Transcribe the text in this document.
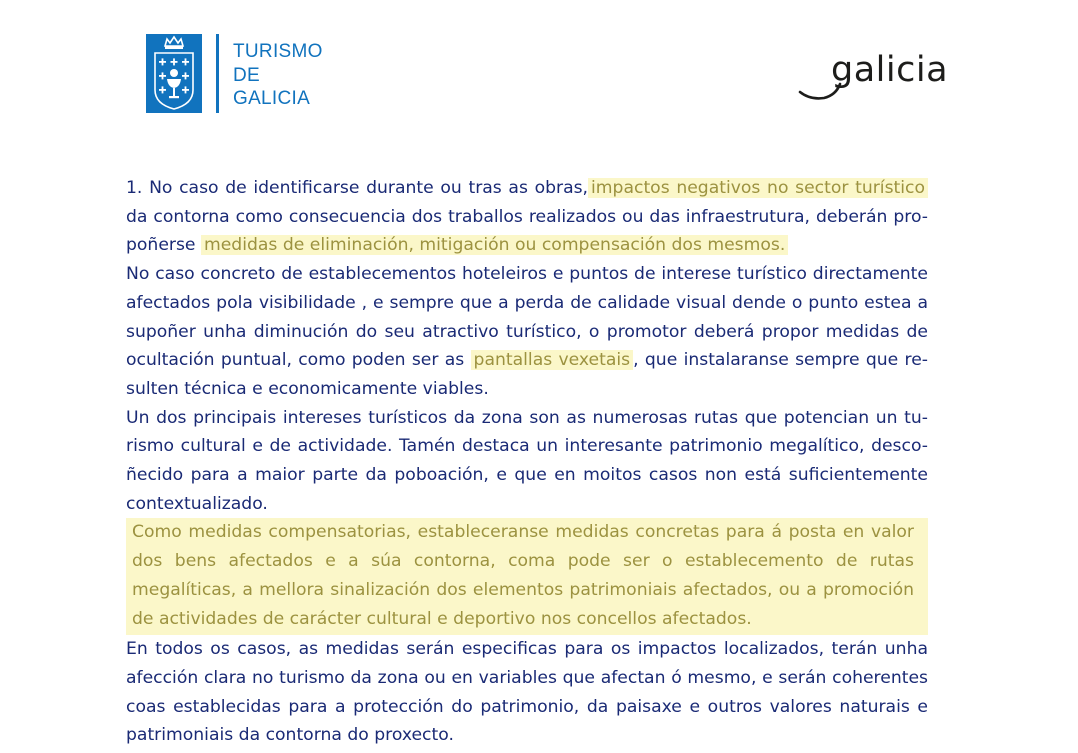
TURISMO
DE
GALICIA
galicia

1. No caso de identificarse durante ou tras as obras, impactos negativos no sector turístico da contorna como consecuencia dos traballos realizados ou das infraestrutura, deberán pro-poñerse medidas de eliminación, mitigación ou compensación dos mesmos.

No caso concreto de establecementos hoteleiros e puntos de interese turístico directamente afectados pola visibilidade , e sempre que a perda de calidade visual dende o punto estea a supoñer unha diminución do seu atractivo turístico, o promotor deberá propor medidas de ocultación puntual, como poden ser as pantallas vexetais , que instalaranse sempre que re-sulten técnica e economicamente viables.

Un dos principais intereses turísticos da zona son as numerosas rutas que potencian un tu-rismo cultural e de actividade. Tamén destaca un interesante patrimonio megalítico, desco-ñecido para a maior parte da poboación, e que en moitos casos non está suficientemente contextualizado.

Como medidas compensatorias, estableceranse medidas concretas para á posta en valor dos bens afectados e a súa contorna, coma pode ser o establecemento de rutas megalíticas, a mellora sinalización dos elementos patrimoniais afectados, ou a promoción de actividades de carácter cultural e deportivo nos concellos afectados.

En todos os casos, as medidas serán especificas para os impactos localizados, terán unha afección clara no turismo da zona ou en variables que afectan ó mesmo, e serán coherentes coas establecidas para a protección do patrimonio, da paisaxe e outros valores naturais e patrimoniais da contorna do proxecto.
